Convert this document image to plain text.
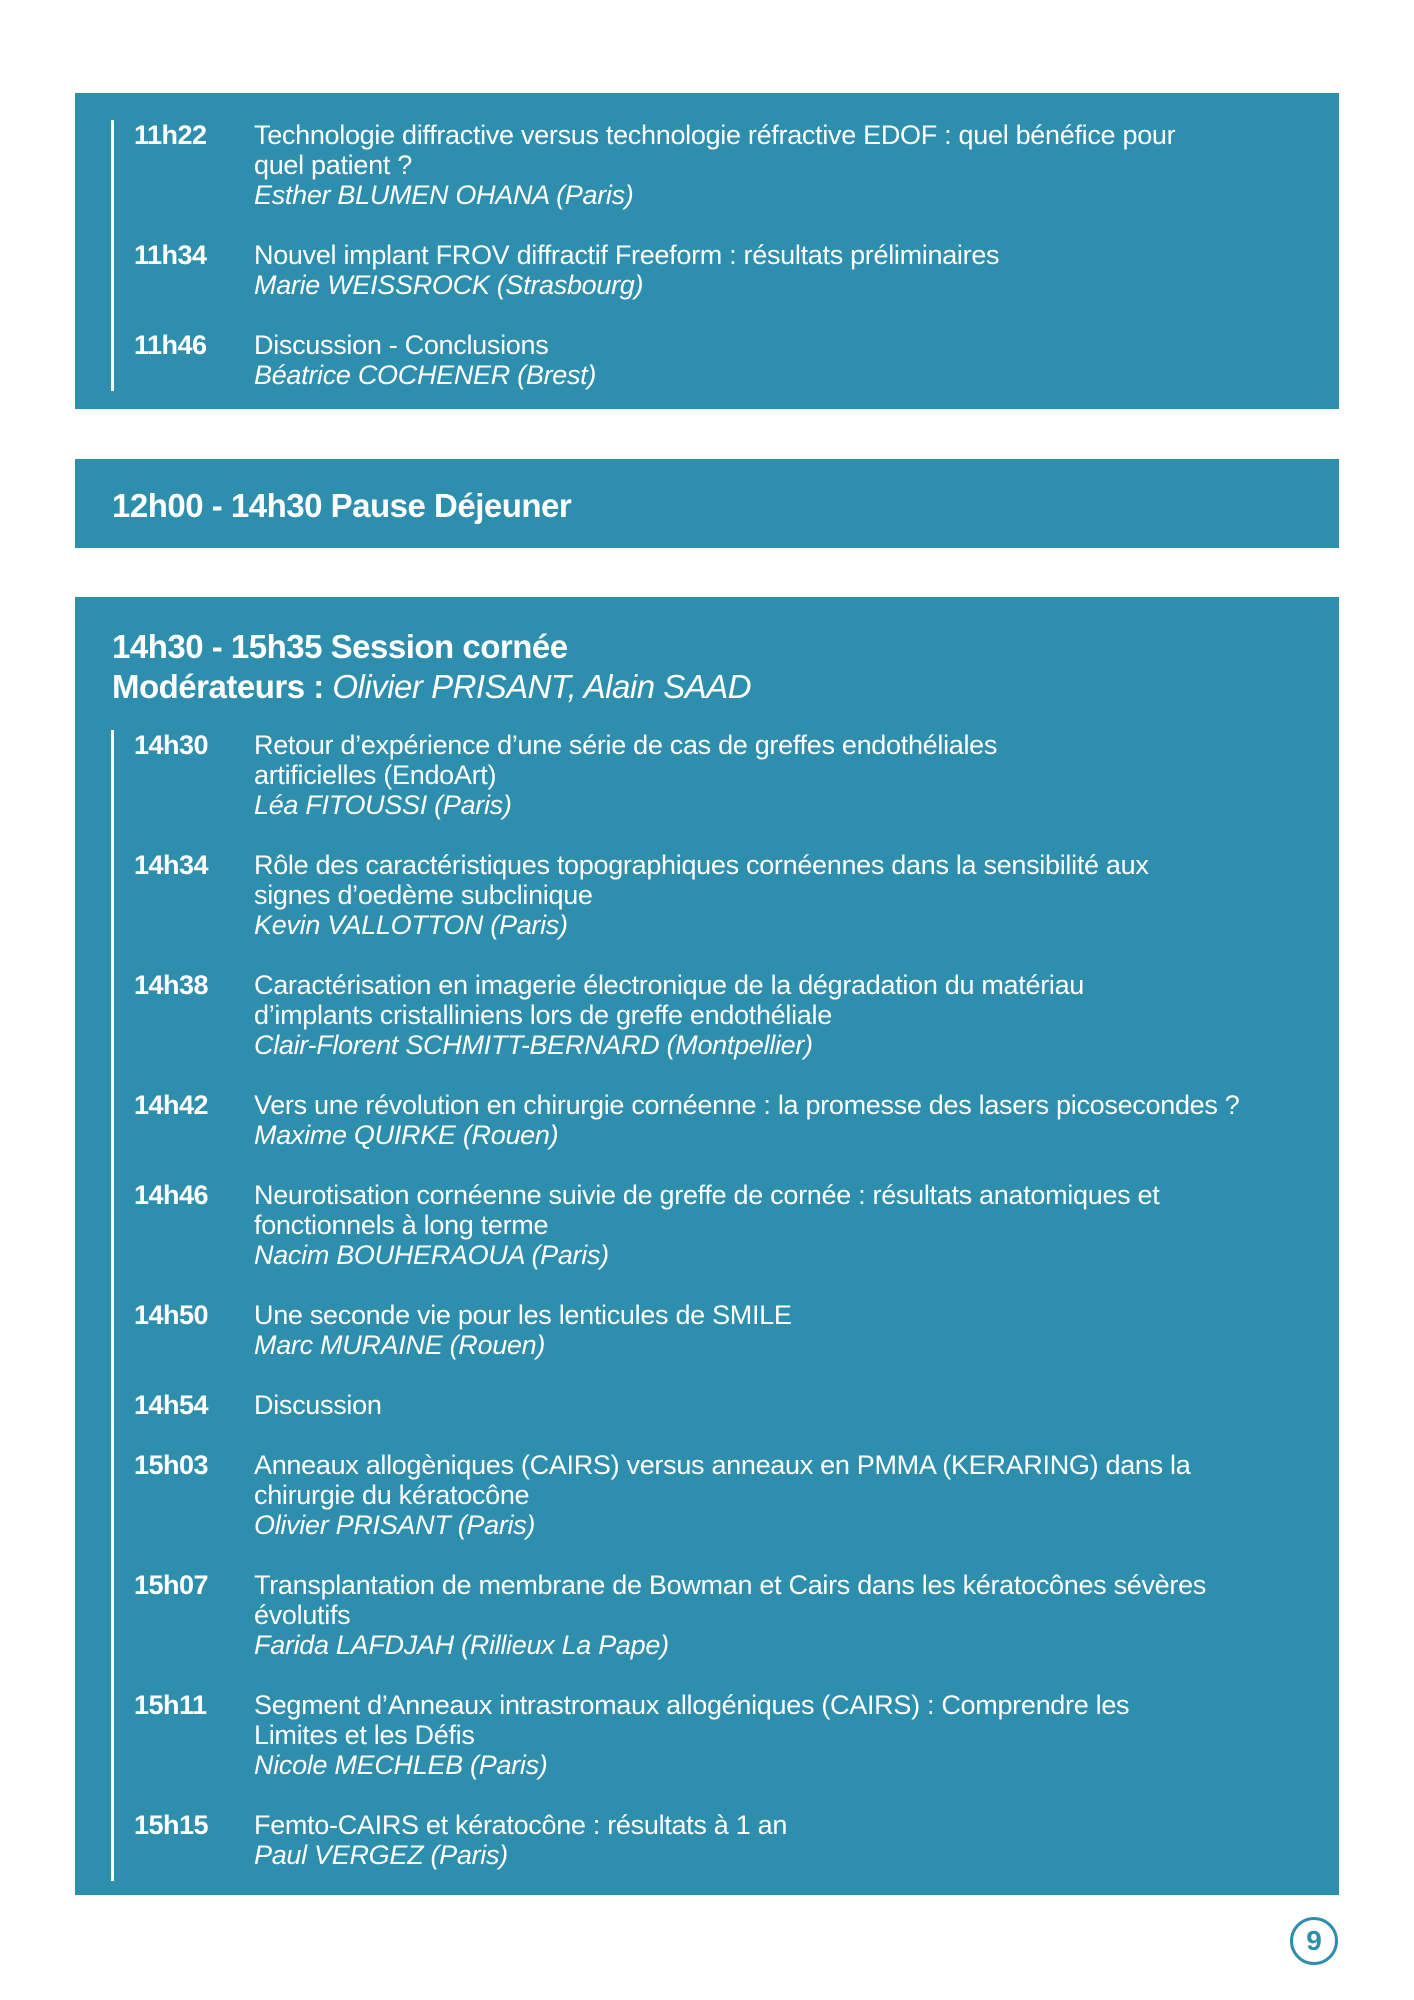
11h22 Technologie diffractive versus technologie réfractive EDOF : quel bénéfice pour
quel patient ?
Esther BLUMEN OHANA (Paris)
11h34 Nouvel implant FROV diffractif Freeform : résultats préliminaires
Marie WEISSROCK (Strasbourg)
11h46 Discussion - Conclusions
Béatrice COCHENER (Brest)
12h00 - 14h30 Pause Déjeuner
14h30 - 15h35 Session cornée
Modérateurs : Olivier PRISANT, Alain SAAD
14h30 Retour d’expérience d’une série de cas de greffes endothéliales
artificielles (EndoArt)
Léa FITOUSSI (Paris)
14h34 Rôle des caractéristiques topographiques cornéennes dans la sensibilité aux
signes d’oedème subclinique
Kevin VALLOTTON (Paris)
14h38 Caractérisation en imagerie électronique de la dégradation du matériau
d’implants cristalliniens lors de greffe endothéliale
Clair-Florent SCHMITT-BERNARD (Montpellier)
14h42 Vers une révolution en chirurgie cornéenne : la promesse des lasers picosecondes ?
Maxime QUIRKE (Rouen)
14h46 Neurotisation cornéenne suivie de greffe de cornée : résultats anatomiques et
fonctionnels à long terme
Nacim BOUHERAOUA (Paris)
14h50 Une seconde vie pour les lenticules de SMILE
Marc MURAINE (Rouen)
14h54 Discussion
15h03 Anneaux allogèniques (CAIRS) versus anneaux en PMMA (KERARING) dans la
chirurgie du kératocône
Olivier PRISANT (Paris)
15h07 Transplantation de membrane de Bowman et Cairs dans les kératocônes sévères
évolutifs
Farida LAFDJAH (Rillieux La Pape)
15h11 Segment d’Anneaux intrastromaux allogéniques (CAIRS) : Comprendre les
Limites et les Défis
Nicole MECHLEB (Paris)
15h15 Femto-CAIRS et kératocône : résultats à 1 an
Paul VERGEZ (Paris)
9
